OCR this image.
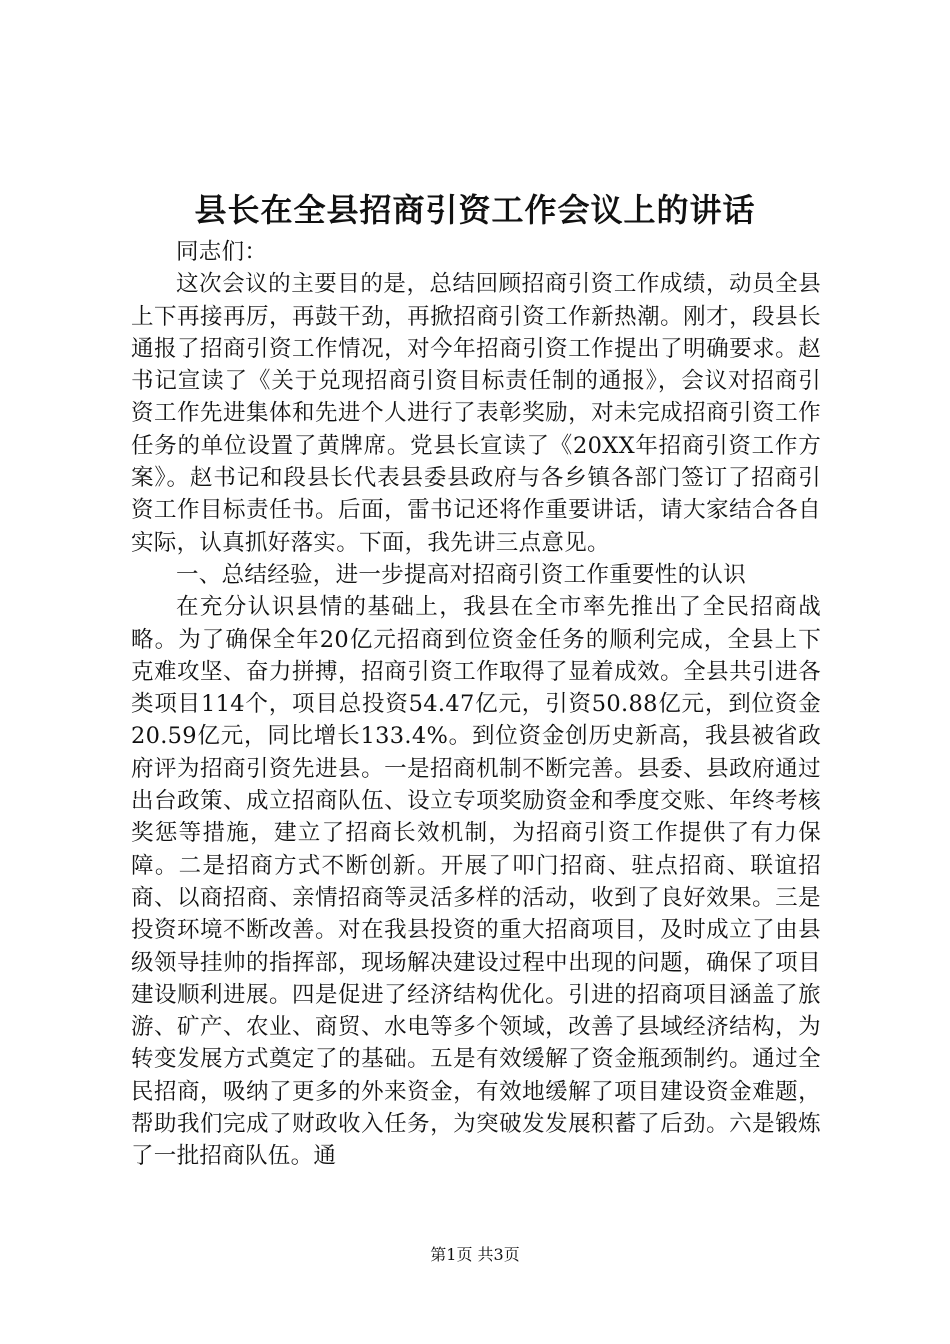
县长在全县招商引资工作会议上的讲话

同志们：

这次会议的主要目的是，总结回顾招商引资工作成绩，动员全县上下再接再厉，再鼓干劲，再掀招商引资工作新热潮。刚才，段县长通报了招商引资工作情况，对今年招商引资工作提出了明确要求。赵书记宣读了《关于兑现招商引资目标责任制的通报》，会议对招商引资工作先进集体和先进个人进行了表彰奖励，对未完成招商引资工作任务的单位设置了黄牌席。党县长宣读了《20XX年招商引资工作方案》。赵书记和段县长代表县委县政府与各乡镇各部门签订了招商引资工作目标责任书。后面，雷书记还将作重要讲话，请大家结合各自实际，认真抓好落实。下面，我先讲三点意见。

一、总结经验，进一步提高对招商引资工作重要性的认识

在充分认识县情的基础上，我县在全市率先推出了全民招商战略。为了确保全年20亿元招商到位资金任务的顺利完成，全县上下克难攻坚、奋力拼搏，招商引资工作取得了显着成效。全县共引进各类项目114个，项目总投资54.47亿元，引资50.88亿元，到位资金20.59亿元，同比增长133.4%。到位资金创历史新高，我县被省政府评为招商引资先进县。一是招商机制不断完善。县委、县政府通过出台政策、成立招商队伍、设立专项奖励资金和季度交账、年终考核奖惩等措施，建立了招商长效机制，为招商引资工作提供了有力保障。二是招商方式不断创新。开展了叩门招商、驻点招商、联谊招商、以商招商、亲情招商等灵活多样的活动，收到了良好效果。三是投资环境不断改善。对在我县投资的重大招商项目，及时成立了由县级领导挂帅的指挥部，现场解决建设过程中出现的问题，确保了项目建设顺利进展。四是促进了经济结构优化。引进的招商项目涵盖了旅游、矿产、农业、商贸、水电等多个领域，改善了县域经济结构，为转变发展方式奠定了的基础。五是有效缓解了资金瓶颈制约。通过全民招商，吸纳了更多的外来资金，有效地缓解了项目建设资金难题，帮助我们完成了财政收入任务，为突破发发展积蓄了后劲。六是锻炼了一批招商队伍。通

第1页 共3页
